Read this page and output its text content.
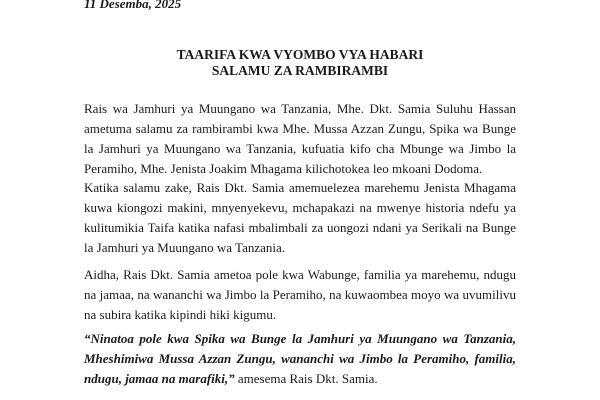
11 Desemba, 2025
TAARIFA KWA VYOMBO VYA HABARI
SALAMU ZA RAMBIRAMBI

Rais wa Jamhuri ya Muungano wa Tanzania, Mhe. Dkt. Samia Suluhu Hassan ametuma salamu za rambirambi kwa Mhe. Mussa Azzan Zungu, Spika wa Bunge la Jamhuri ya Muungano wa Tanzania, kufuatia kifo cha Mbunge wa Jimbo la Peramiho, Mhe. Jenista Joakim Mhagama kilichotokea leo mkoani Dodoma.

Katika salamu zake, Rais Dkt. Samia amemuelezea marehemu Jenista Mhagama kuwa kiongozi makini, mnyenyekevu, mchapakazi na mwenye historia ndefu ya kulitumikia Taifa katika nafasi mbalimbali za uongozi ndani ya Serikali na Bunge la Jamhuri ya Muungano wa Tanzania.

Aidha, Rais Dkt. Samia ametoa pole kwa Wabunge, familia ya marehemu, ndugu na jamaa, na wananchi wa Jimbo la Peramiho, na kuwaombea moyo wa uvumilivu na subira katika kipindi hiki kigumu.

“Ninatoa pole kwa Spika wa Bunge la Jamhuri ya Muungano wa Tanzania, Mheshimiwa Mussa Azzan Zungu, wananchi wa Jimbo la Peramiho, familia, ndugu, jamaa na marafiki,” amesema Rais Dkt. Samia.
